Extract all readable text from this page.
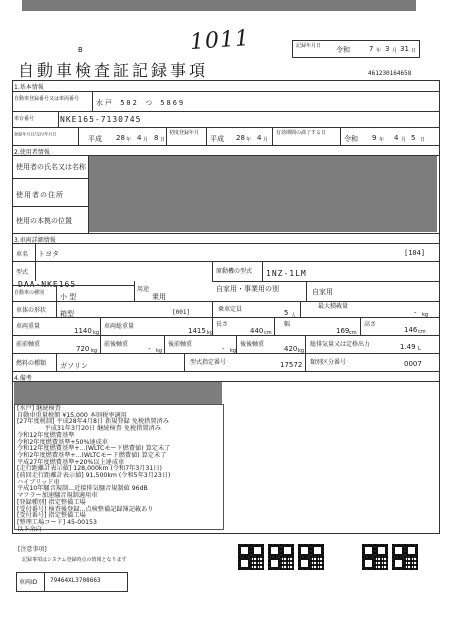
1011
B	記録年月日 令和	7 年 3 月 31 日
自動車検査証記録事項	461230164658
1.基本情報
自動車登録番号又は車両番号 水戸 502 つ 5869
車台番号	NKE165-7130745
登録年月日/交付年月日
平成 28 年 4 月 8 日
初度登録年月
平成 28 年 4 月
有効期間の満了する日
令和 9 年 4 月 5 日
2.使用者情報
使用者の氏名又は名称
使用者の住所
使用の本拠の位置
3.車両詳細情報
車名 トヨタ	[104]
型式
DAA-NKE165
原動機の型式 1NZ-1LM
自動車の種別 小 型
用途
乗用
自家用・事業用の別	自家用
車体の形状 箱型	[001]	乗車定員	5 人
最大積載量
- kg
車両重量
1140 kg
車両総重量
1415 kg
長さ
440 cm
幅
169 cm
高さ
146 cm
前前軸重
720 kg
前後軸重
- kg
後前軸重
- kg
後後軸重
420 kg
総排気量又は定格出力	1.49 L
燃料の種類 ガソリン	型式指定番号	17572 類別区分番号	0007
4.備考
[水戸] 継続検査
自動車重量税額 ¥15,000 本則税率適用
[27年度税制] 平成28年4月8日 新規登録 免税措置済み
平成31年3月20日 継続検査 免税措置済み
令和12年度燃費基準
令和2年度燃費基準+50%達成車
令和12年度燃費基準+...(WLTCモード燃費値) 算定未了
令和2年度燃費基準+...(WLTCモード燃費値) 算定未了
平成27年度燃費基準+20%以上達成車
[走行距離計表示値] 128,000km (令和7年3月31日)
[前回走行距離計表示値] 91,500km (令和5年3月23日)
ハイブリッド車
平成10年騒音規制...近接排気騒音規制値 96dB
マフラー加速騒音規制適用車
[登録種別] 指定整備工場
[受付番号] 検査後登録...点検整備記録簿記載あり
[受付番号] 指定整備工場
[整理工場コード] 45-00153
以下余白
[注意事項]
記録事項はシステム登録時点の情報となります
車両ID 79464XL3708663
